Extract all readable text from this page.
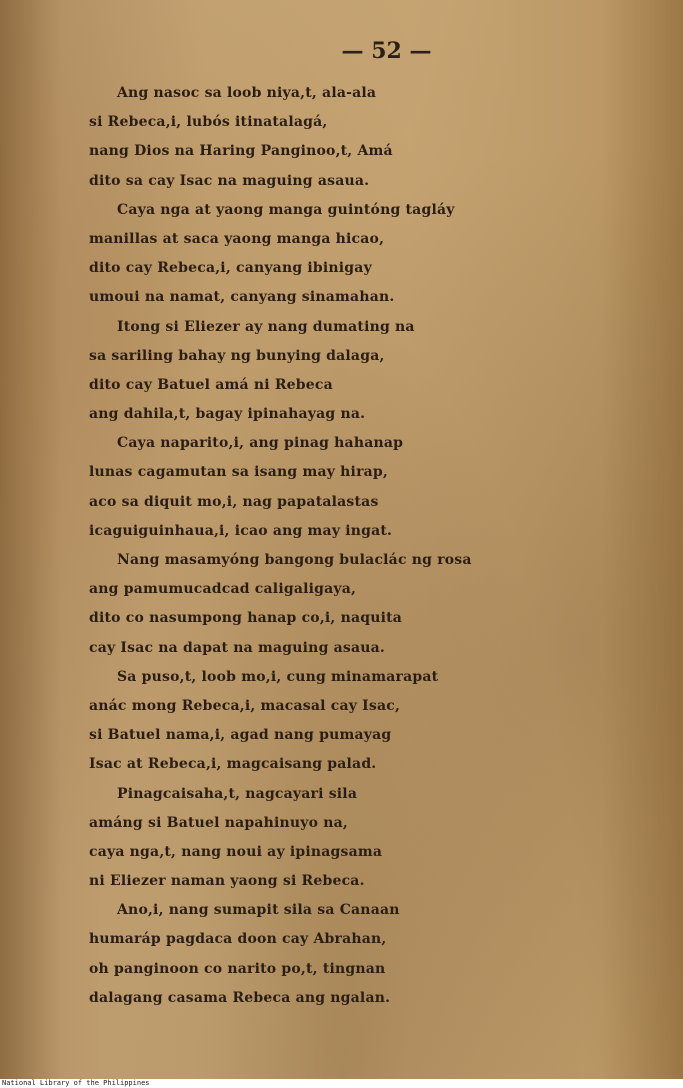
— 52 —
Ang nasoc sa loob niya,t, ala-ala
si Rebeca,i, lubós itinatalagá,
nang Dios na Haring Panginoo,t, Amá
dito sa cay Isac na maguing asaua.
Caya nga at yaong manga guintóng tagláy
manillas at saca yaong manga hicao,
dito cay Rebeca,i, canyang ibinigay
umoui na namat, canyang sinamahan.
Itong si Eliezer ay nang dumating na
sa sariling bahay ng bunying dalaga,
dito cay Batuel amá ni Rebeca
ang dahila,t, bagay ipinahayag na.
Caya naparito,i, ang pinag hahanap
lunas cagamutan sa isang may hirap,
aco sa diquit mo,i, nag papatalastas
icaguiguinhaua,i, icao ang may ingat.
Nang masamyóng bangong bulaclác ng rosa
ang pamumucadcad caligaligaya,
dito co nasumpong hanap co,i, naquita
cay Isac na dapat na maguing asaua.
Sa puso,t, loob mo,i, cung minamarapat
anác mong Rebeca,i, macasal cay Isac,
si Batuel nama,i, agad nang pumayag
Isac at Rebeca,i, magcaisang palad.
Pinagcaisaha,t, nagcayari sila
amáng si Batuel napahinuyo na,
caya nga,t, nang noui ay ipinagsama
ni Eliezer naman yaong si Rebeca.
Ano,i, nang sumapit sila sa Canaan
humaráp pagdaca doon cay Abrahan,
oh panginoon co narito po,t, tingnan
dalagang casama Rebeca ang ngalan.
National Library of the Philippines
